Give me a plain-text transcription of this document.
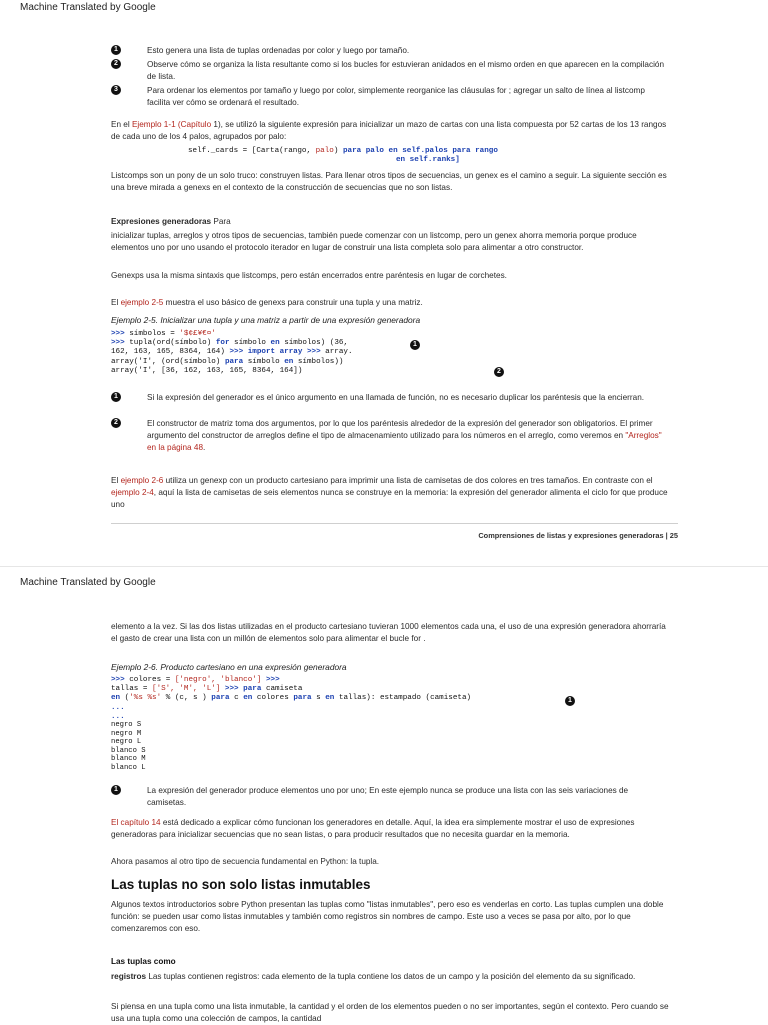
Machine Translated by Google
1	Esto genera una lista de tuplas ordenadas por color y luego por tamaño.
2	Observe cómo se organiza la lista resultante como si los bucles for estuvieran anidados en el mismo orden en que aparecen en la compilación de lista.
3	Para ordenar los elementos por tamaño y luego por color, simplemente reorganice las cláusulas for ; agregar un salto de línea al listcomp facilita ver cómo se ordenará el resultado.
En el Ejemplo 1-1 (Capítulo 1), se utilizó la siguiente expresión para inicializar un mazo de cartas con una lista compuesta por 52 cartas de los 13 rangos de cada uno de los 4 palos, agrupados por palo:
self._cards = [Carta(rango, palo) para palo en self.palos para rango
en self.ranks]
Listcomps son un pony de un solo truco: construyen listas. Para llenar otros tipos de secuencias, un genex es el camino a seguir. La siguiente sección es una breve mirada a genexs en el contexto de la construcción de secuencias que no son listas.
Expresiones generadoras Para
inicializar tuplas, arreglos y otros tipos de secuencias, también puede comenzar con un listcomp, pero un genex ahorra memoria porque produce elementos uno por uno usando el protocolo iterador en lugar de construir una lista completa solo para alimentar a otro constructor.
Genexps usa la misma sintaxis que listcomps, pero están encerrados entre paréntesis en lugar de corchetes.
El ejemplo 2-5 muestra el uso básico de genexs para construir una tupla y una matriz.
Ejemplo 2-5. Inicializar una tupla y una matriz a partir de una expresión generadora
>>> símbolos = '$¢£¥€¤'
>>> tupla(ord(símbolo) for símbolo en símbolos) (36,
162, 163, 165, 8364, 164) >>> import array >>> array.
array('I', (ord(símbolo) para símbolo en símbolos))
array('I', [36, 162, 163, 165, 8364, 164])
1
2
1	Si la expresión del generador es el único argumento en una llamada de función, no es necesario duplicar los paréntesis que la encierran.
2	El constructor de matriz toma dos argumentos, por lo que los paréntesis alrededor de la expresión del generador son obligatorios. El primer argumento del constructor de arreglos define el tipo de almacenamiento utilizado para los números en el arreglo, como veremos en "Arreglos" en la página 48.
El ejemplo 2-6 utiliza un genexp con un producto cartesiano para imprimir una lista de camisetas de dos colores en tres tamaños. En contraste con el ejemplo 2-4, aquí la lista de camisetas de seis elementos nunca se construye en la memoria: la expresión del generador alimenta el ciclo for que produce uno
Comprensiones de listas y expresiones generadoras | 25
Machine Translated by Google
elemento a la vez. Si las dos listas utilizadas en el producto cartesiano tuvieran 1000 elementos cada una, el uso de una expresión generadora ahorraría el gasto de crear una lista con un millón de elementos solo para alimentar el bucle for .
Ejemplo 2-6. Producto cartesiano en una expresión generadora
>>> colores = ['negro', 'blanco'] >>>
tallas = ['S', 'M', 'L'] >>> para camiseta
en ('%s %s' % (c, s ) para c en colores para s en tallas): estampado (camiseta)
...
...
1
negro S
negro M
negro L
blanco S
blanco M
blanco L
1	La expresión del generador produce elementos uno por uno; En este ejemplo nunca se produce una lista con las seis variaciones de camisetas.
El capítulo 14 está dedicado a explicar cómo funcionan los generadores en detalle. Aquí, la idea era simplemente mostrar el uso de expresiones generadoras para inicializar secuencias que no sean listas, o para producir resultados que no necesita guardar en la memoria.
Ahora pasamos al otro tipo de secuencia fundamental en Python: la tupla.
Las tuplas no son solo listas inmutables
Algunos textos introductorios sobre Python presentan las tuplas como "listas inmutables", pero eso es venderlas en corto. Las tuplas cumplen una doble función: se pueden usar como listas inmutables y también como registros sin nombres de campo. Este uso a veces se pasa por alto, por lo que comenzaremos con eso.
Las tuplas como
registros Las tuplas contienen registros: cada elemento de la tupla contiene los datos de un campo y la posición del elemento da su significado.
Si piensa en una tupla como una lista inmutable, la cantidad y el orden de los elementos pueden o no ser importantes, según el contexto. Pero cuando se usa una tupla como una colección de campos, la cantidad
